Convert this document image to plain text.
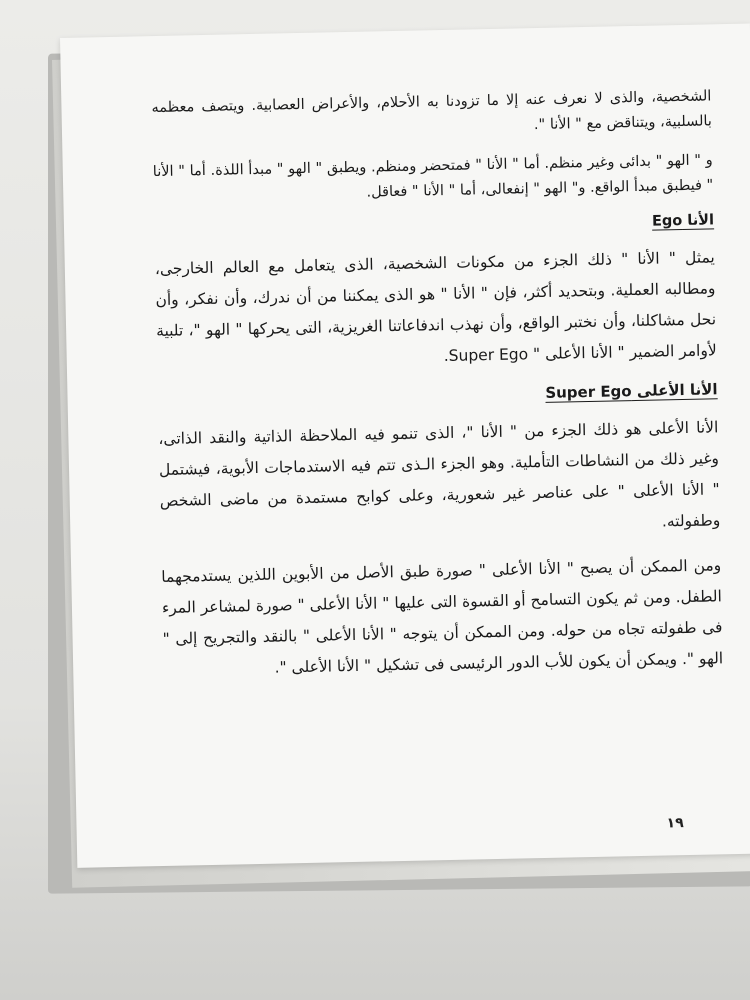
الشخصية، والذى لا نعرف عنه إلا ما تزودنا به الأحلام، والأعراض العصابية. ويتصف معظمه بالسلبية، ويتناقض مع " الأنا ".

و " الهو " بدائى وغير منظم. أما " الأنا " فمتحضر ومنظم. ويطبق " الهو " مبدأ اللذة. أما " الأنا " فيطبق مبدأ الواقع. و" الهو " إنفعالى، أما " الأنا " فعاقل.

الأنا Ego

يمثل " الأنا " ذلك الجزء من مكونات الشخصية، الذى يتعامل مع العالم الخارجى، ومطالبه العملية. وبتحديد أكثر، فإن " الأنا " هو الذى يمكننا من أن ندرك، وأن نفكر، وأن نحل مشاكلنا، وأن نختبر الواقع، وأن نهذب اندفاعاتنا الغريزية، التى يحركها " الهو "، تلبية لأوامر الضمير " الأنا الأعلى " Super Ego.

الأنا الأعلى Super Ego

الأنا الأعلى هو ذلك الجزء من " الأنا "، الذى تنمو فيه الملاحظة الذاتية والنقد الذاتى، وغير ذلك من النشاطات التأملية. وهو الجزء الـذى تتم فيه الاستدماجات الأبوية، فيشتمل " الأنا الأعلى " على عناصر غير شعورية، وعلى كوابح مستمدة من ماضى الشخص وطفولته.

ومن الممكن أن يصبح " الأنا الأعلى " صورة طبق الأصل من الأبوين اللذين يستدمجهما الطفل. ومن ثم يكون التسامح أو القسوة التى عليها " الأنا الأعلى " صورة لمشاعر المرء فى طفولته تجاه من حوله. ومن الممكن أن يتوجه " الأنا الأعلى " بالنقد والتجريح إلى " الهو ". ويمكن أن يكون للأب الدور الرئيسى فى تشكيل " الأنا الأعلى ".

١٩
